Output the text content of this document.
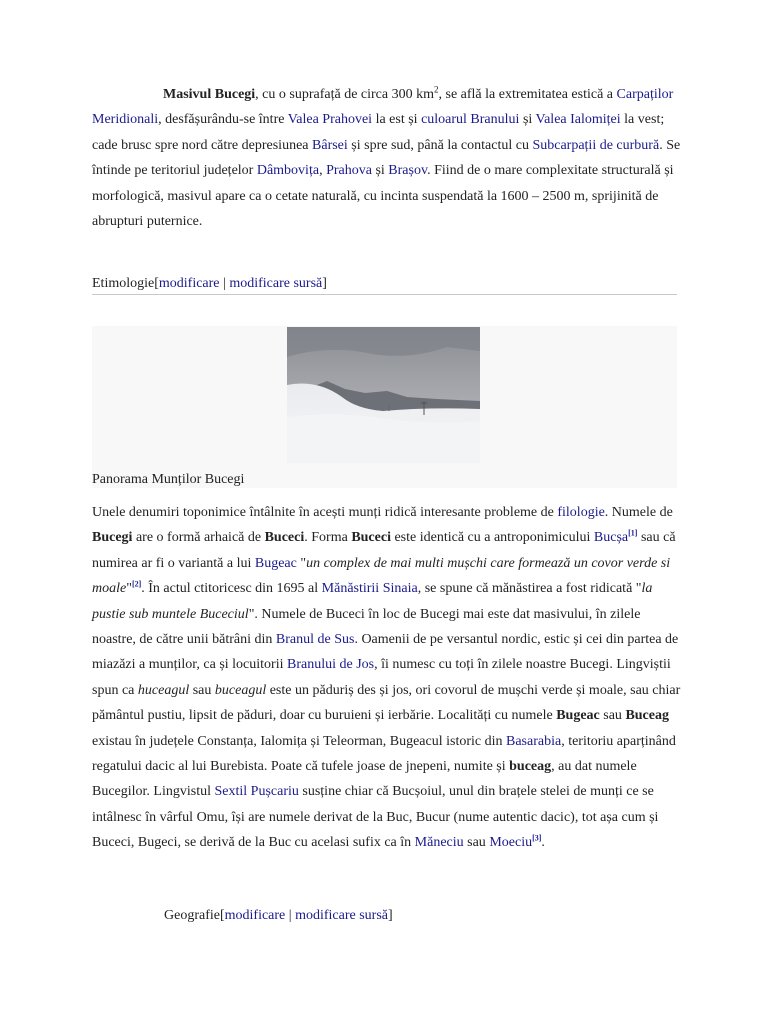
Masivul Bucegi, cu o suprafață de circa 300 $km^2$, se află la extremitatea estică a Carpaților Meridionali, desfășurându-se între Valea Prahovei la est și culoarul Branului și Valea Ialomiței la vest; cade brusc spre nord către depresiunea Bârsei și spre sud, până la contactul cu Subcarpații de curbură. Se întinde pe teritoriul județelor Dâmbovița, Prahova și Brașov. Fiind de o mare complexitate structurală și morfologică, masivul apare ca o cetate naturală, cu incinta suspendată la 1600 – 2500 m, sprijinită de abrupturi puternice.

Etimologie[modificare | modificare sursă]
Panorama Munților Bucegi

Unele denumiri toponimice întâlnite în acești munți ridică interesante probleme de filologie. Numele de Bucegi are o formă arhaică de Buceci. Forma Buceci este identică cu a antroponimicului Bucșa[1] sau că numirea ar fi o variantă a lui Bugeac "un complex de mai multi mușchi care formează un covor verde si moale"[2]. În actul ctitoricesc din 1695 al Mănăstirii Sinaia, se spune că mănăstirea a fost ridicată "la pustie sub muntele Buceciul". Numele de Buceci în loc de Bucegi mai este dat masivului, în zilele noastre, de către unii bătrâni din Branul de Sus. Oamenii de pe versantul nordic, estic și cei din partea de miazăzi a munților, ca și locuitorii Branului de Jos, îi numesc cu toți în zilele noastre Bucegi. Lingviștii spun ca huceagul sau buceagul este un păduriș des și jos, ori covorul de mușchi verde și moale, sau chiar pământul pustiu, lipsit de păduri, doar cu buruieni și ierbărie. Localități cu numele Bugeac sau Buceag existau în județele Constanța, Ialomița și Teleorman, Bugeacul istoric din Basarabia, teritoriu aparținând regatului dacic al lui Burebista. Poate că tufele joase de jnepeni, numite și buceag, au dat numele Bucegilor. Lingvistul Sextil Pușcariu susține chiar că Bucșoiul, unul din brațele stelei de munți ce se intâlnesc în vârful Omu, își are numele derivat de la Buc, Bucur (nume autentic dacic), tot așa cum și Buceci, Bugeci, se derivă de la Buc cu acelasi sufix ca în Măneciu sau Moeciu[3].

Geografie[modificare | modificare sursă]
